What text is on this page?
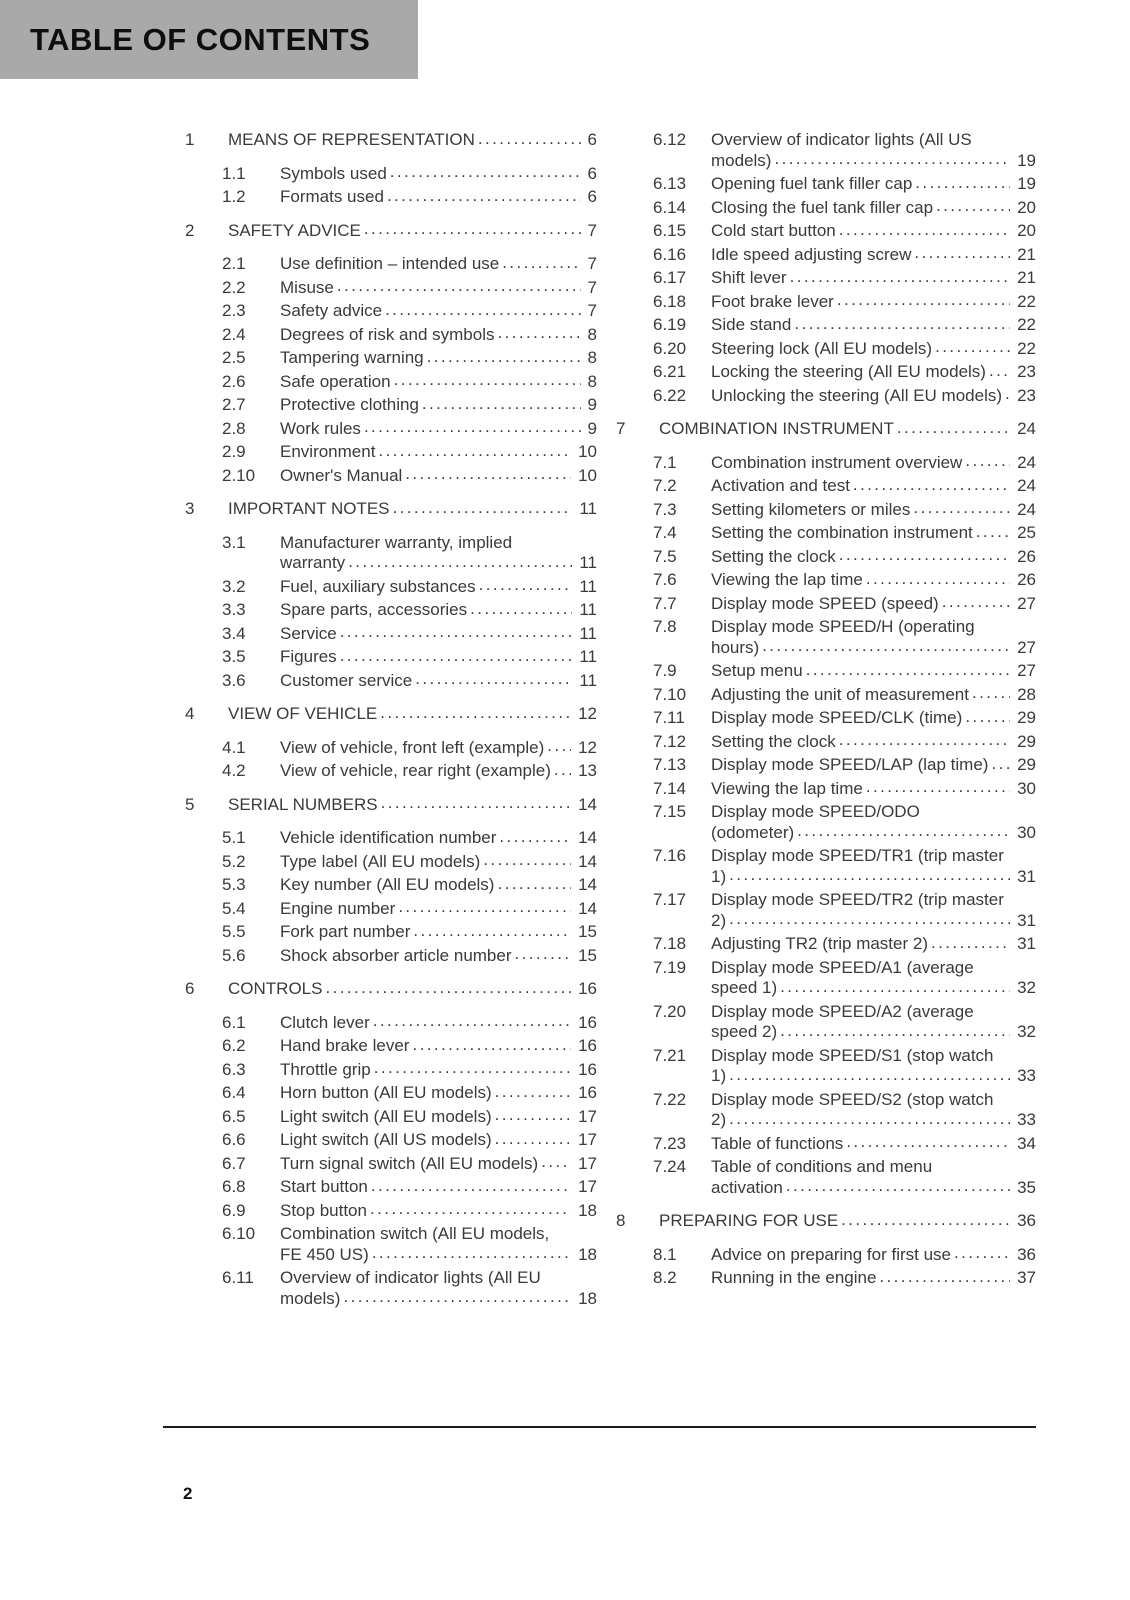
TABLE OF CONTENTS
1	MEANS OF REPRESENTATION .....	6
1.1	Symbols used .....	6
1.2	Formats used .....	6
2	SAFETY ADVICE .....	7
2.1	Use definition – intended use .....	7
2.2	Misuse .....	7
2.3	Safety advice .....	7
2.4	Degrees of risk and symbols .....	8
2.5	Tampering warning .....	8
2.6	Safe operation .....	8
2.7	Protective clothing .....	9
2.8	Work rules .....	9
2.9	Environment .....	10
2.10	Owner's Manual .....	10
3	IMPORTANT NOTES .....	11
3.1	Manufacturer warranty, implied warranty .....	11
3.2	Fuel, auxiliary substances .....	11
3.3	Spare parts, accessories .....	11
3.4	Service .....	11
3.5	Figures .....	11
3.6	Customer service .....	11
4	VIEW OF VEHICLE .....	12
4.1	View of vehicle, front left (example) .....	12
4.2	View of vehicle, rear right (example) .....	13
5	SERIAL NUMBERS .....	14
5.1	Vehicle identification number .....	14
5.2	Type label (All EU models) .....	14
5.3	Key number (All EU models) .....	14
5.4	Engine number .....	14
5.5	Fork part number .....	15
5.6	Shock absorber article number .....	15
6	CONTROLS .....	16
6.1	Clutch lever .....	16
6.2	Hand brake lever .....	16
6.3	Throttle grip .....	16
6.4	Horn button (All EU models) .....	16
6.5	Light switch (All EU models) .....	17
6.6	Light switch (All US models) .....	17
6.7	Turn signal switch (All EU models) .....	17
6.8	Start button .....	17
6.9	Stop button .....	18
6.10	Combination switch (All EU models, FE 450 US) .....	18
6.11	Overview of indicator lights (All EU models) .....	18
6.12	Overview of indicator lights (All US models) .....	19
6.13	Opening fuel tank filler cap .....	19
6.14	Closing the fuel tank filler cap .....	20
6.15	Cold start button .....	20
6.16	Idle speed adjusting screw .....	21
6.17	Shift lever .....	21
6.18	Foot brake lever .....	22
6.19	Side stand .....	22
6.20	Steering lock (All EU models) .....	22
6.21	Locking the steering (All EU models) .....	23
6.22	Unlocking the steering (All EU models) ..... 23
7	COMBINATION INSTRUMENT .....	24
7.1	Combination instrument overview .....	24
7.2	Activation and test .....	24
7.3	Setting kilometers or miles .....	24
7.4	Setting the combination instrument .....	25
7.5	Setting the clock .....	26
7.6	Viewing the lap time .....	26
7.7	Display mode SPEED (speed) .....	27
7.8	Display mode SPEED/H (operating hours) .....	27
7.9	Setup menu .....	27
7.10	Adjusting the unit of measurement .....	28
7.11	Display mode SPEED/CLK (time) .....	29
7.12	Setting the clock .....	29
7.13	Display mode SPEED/LAP (lap time) .....	29
7.14	Viewing the lap time .....	30
7.15	Display mode SPEED/ODO (odometer) .....	30
7.16	Display mode SPEED/TR1 (trip master 1) .....	31
7.17	Display mode SPEED/TR2 (trip master 2) .....	31
7.18	Adjusting TR2 (trip master 2) .....	31
7.19	Display mode SPEED/A1 (average speed 1) .....	32
7.20	Display mode SPEED/A2 (average speed 2) .....	32
7.21	Display mode SPEED/S1 (stop watch 1) .....	33
7.22	Display mode SPEED/S2 (stop watch 2) .....	33
7.23	Table of functions .....	34
7.24	Table of conditions and menu activation .....	35
8	PREPARING FOR USE .....	36
8.1	Advice on preparing for first use .....	36
8.2	Running in the engine .....	37
2
